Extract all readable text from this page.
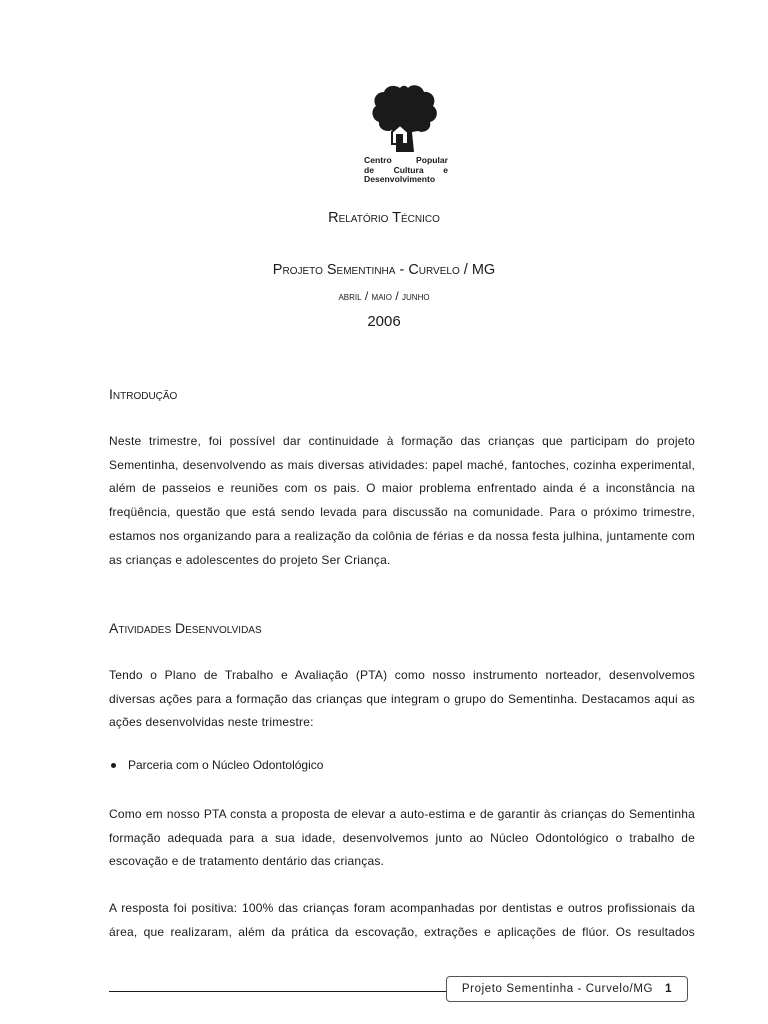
Centro	Popular
de Cultura e
Desenvolvimento
Relatório Técnico
Projeto Sementinha - Curvelo / MG
abril / maio / junho
2006
Introdução

Neste trimestre, foi possível dar continuidade à formação das crianças que participam do projeto Sementinha, desenvolvendo as mais diversas atividades: papel maché, fantoches, cozinha experimental, além de passeios e reuniões com os pais. O maior problema enfrentado ainda é a inconstância na freqüência, questão que está sendo levada para discussão na comunidade. Para o próximo trimestre, estamos nos organizando para a realização da colônia de férias e da nossa festa julhina, juntamente com as crianças e adolescentes do projeto Ser Criança.

Atividades Desenvolvidas

Tendo o Plano de Trabalho e Avaliação (PTA) como nosso instrumento norteador, desenvolvemos diversas ações para a formação das crianças que integram o grupo do Sementinha. Destacamos aqui as ações desenvolvidas neste trimestre:

Parceria com o Núcleo Odontológico

Como em nosso PTA consta a proposta de elevar a auto-estima e de garantir às crianças do Sementinha formação adequada para a sua idade, desenvolvemos junto ao Núcleo Odontológico o trabalho de escovação e de tratamento dentário das crianças.

A resposta foi positiva: 100% das crianças foram acompanhadas por dentistas e outros profissionais da área, que realizaram, além da prática da escovação, extrações e aplicações de flúor. Os resultados

Projeto Sementinha - Curvelo/MG 1
